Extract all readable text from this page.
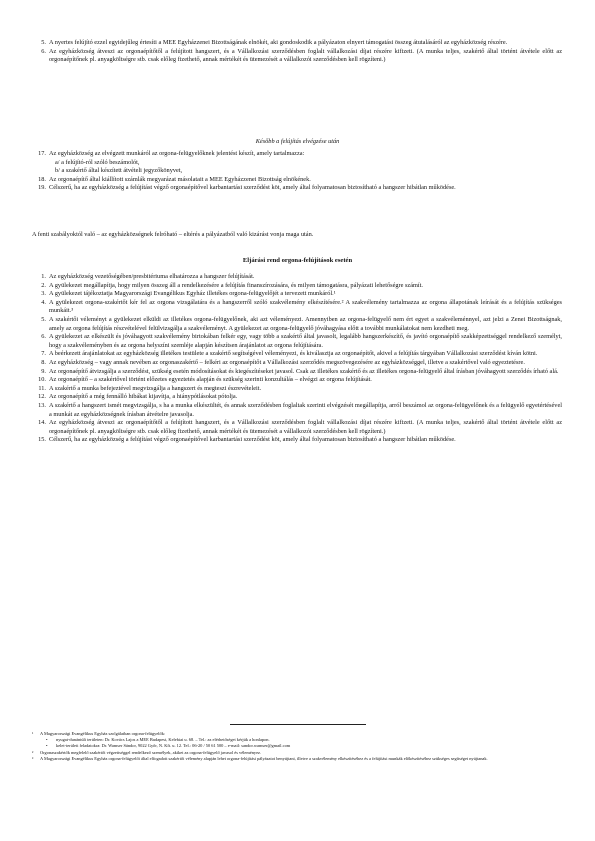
5. A nyertes felújító ezzel egyidejűleg értesíti a MEE Egyházzenei Bizottságának elnökét, aki gondoskodik a pályázaton elnyert támogatási összeg átutalásáról az egyházközség részére.
6. Az egyházközség átveszi az orgonaépítőtől a felújított hangszert, és a Vállalkozási szerződésben foglalt vállalkozási díjat részére kifizeti. (A munka teljes, szakértő által történt átvétele előtt az orgonaépítőnek pl. anyagköltségre stb. csak előleg fizethető, annak mértékét és ütemezését a vállalkozói szerződésben kell rögzíteni.)
Később a felújítás elvégzése után
17. Az egyházközség az elvégzett munkáról az orgona-felügyelőknek jelentést készít, amely tartalmazza:
a/ a felújító-ról szóló beszámolót,
b/ a szakértő által készített átvételi jegyzőkönyvet,
18. Az orgonaépítő által kiállított számlák megyarázat másolatait a MEE Egyházzenei Bizottság elnökének.
19. Célszerű, ha az egyházközség a felújítást végző orgonaépítővel karbantartási szerződést köt, amely által folyamatosan biztosítható a hangszer hibátlan működése.
A fenti szabályoktól való – az egyházközségnek felróható – eltérés a pályázatból való kizárást vonja maga után.
Eljárási rend orgona-felújítások esetén
1. Az egyházközség vezetőségében/presbitériuma elhatározza a hangszer felújítását.
2. A gyülekezet megállapítja, hogy milyen összeg áll a rendelkezésére a felújítás finanszírozására, és milyen támogatásra, pályázati lehetőségre számít.
3. A gyülekezet tájékoztatja Magyarországi Evangélikus Egyház illetékes orgona-felügyelőjét a tervezett munkáról.¹
4. A gyülekezet orgona-szakértőt kér fel az orgona vizsgálatára és a hangszerről szóló szakvélemény elkészítésére.² A szakvélemény tartalmazza az orgona állapotának leírását és a felújítás szükséges munkáit.³
5. A szakértői véleményt a gyülekezet elküldi az illetékes orgona-felügyelőnek, aki azt véleményezi. Amennyiben az orgona-felügyelő nem ért egyet a szakvéleménnyel, azt jelzi a Zenei Bizottságnak, amely az orgona felújítás részvételével felülvizsgálja a szakvéleményt. A gyülekezet az orgona-felügyelő jóváhagyása előtt a további munkálatokat nem kezdheti meg.
6. A gyülekezet az elkészült és jóváhagyott szakvélemény birtokában felkér egy, vagy több a szakértő által javasolt, legalább hangszerkészítő, és javító orgonaépítő szakképzettséggel rendelkező személyt, hogy a szakvéleményben és az orgona helyszíni szemléje alapján készítsen árajánlatot az orgona felújítására.
7. A beérkezett árajánlatokat az egyházközség illetékes testülete a szakértő segítségével véleményezi, és kiválasztja az orgonaépítőt, akivel a felújítás tárgyában Vállalkozási szerződést kíván kötni.
8. Az egyházközség – vagy annak nevében az orgonaszakértő – felkéri az orgonaépítőt a Vállalkozási szerződés megszövegezésére az egyházközséggel, illetve a szakértővel való egyeztetésre.
9. Az orgonaépítő átvizsgálja a szerződést, szükség esetén módosításokat és kiegészítéseket javasol. Csak az illetékes szakértő és az illetékes orgona-felügyelő által írásban jóváhagyott szerződés írható alá.
10. Az orgonaépítő – a szakértővel történt előzetes egyeztetés alapján és szükség szerinti konzultálás – elvégzi az orgona felújítását.
11. A szakértő a munka befejeztével megvizsgálja a hangszert és megteszi észrevételeit.
12. Az orgonaépítő a még fennálló hibákat kijavítja, a hiánypótlásokat pótolja.
13. A szakértő a hangszert ismét megvizsgálja, s ha a munka elkészültét, és annak szerződésben foglaltak szerinti elvégzését megállapítja, arról beszámol az orgona-felügyelőnek és a felügyelő egyetértésével a munkát az egyházközségnek írásban átvételre javasolja.
14. Az egyházközség átveszi az orgonaépítőtől a felújított hangszert, és a Vállalkozási szerződésben foglalt vállalkozási díjat részére kifizeti. (A munka teljes, szakértő által történt átvétele előtt az orgonaépítőnek pl. anyagköltségre stb. csak előleg fizethető, annak mértékét és ütemezését a vállalkozói szerződésben kell rögzíteni.)
15. Célszerű, ha az egyházközség a felújítást végző orgonaépítővel karbantartási szerződést köt, amely által folyamatosan biztosítható a hangszer hibátlan működése.
¹ A Magyarországi Evangélikus Egyház szolgálatban orgona-felügyelők:
• nyugat-dunántúli területen: Dr. Kovács Lajos a MEE Budapest, Kelebiai u. 68. – Tel.: az elérhetőséget kérjük a honlapon.
• kelet-területi feladatokra: Dr. Wamser Sándor, 9022 Győr, N. Kft. u. 12. Tel.: 06-20 / 50 61 500 – e-mail: sandor.wamser@gmail.com
² Orgonaszakértők megfelelő szakértői végzettséggel rendelkező személyek, akiket az orgona-felügyelő javasol és véleményez.
³ A Magyarországi Evangélikus Egyház orgona-felügyelői által elfogadott szakértői vélemény alapján lehet orgona-felújítási pályázatot benyújtani, illetve a szakvélemény elkészítéséhez és a felújítási munkák előkészítéséhez szükséges segítséget nyújtanak.
